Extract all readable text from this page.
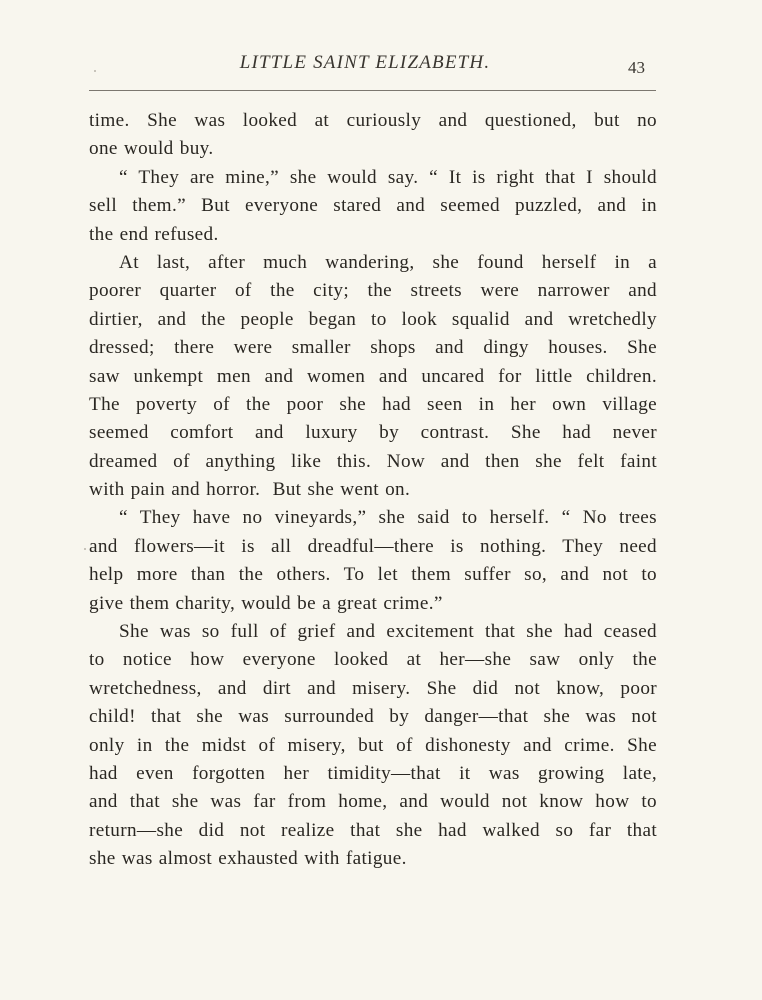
LITTLE SAINT ELIZABETH.	43
time. She was looked at curiously and questioned, but no
one would buy.
“ They are mine,” she would say. “ It is right that I should
sell them.” But everyone stared and seemed puzzled, and in
the end refused.
At last, after much wandering, she found herself in a
poorer quarter of the city; the streets were narrower and
dirtier, and the people began to look squalid and wretchedly
dressed; there were smaller shops and dingy houses. She
saw unkempt men and women and uncared for little children.
The poverty of the poor she had seen in her own village
seemed comfort and luxury by contrast. She had never
dreamed of anything like this. Now and then she felt faint
with pain and horror.  But she went on.
“ They have no vineyards,” she said to herself. “ No trees
and flowers—it is all dreadful—there is nothing. They need
help more than the others. To let them suffer so, and not to
give them charity, would be a great crime.”
She was so full of grief and excitement that she had ceased
to notice how everyone looked at her—she saw only the
wretchedness, and dirt and misery. She did not know, poor
child! that she was surrounded by danger—that she was not
only in the midst of misery, but of dishonesty and crime. She
had even forgotten her timidity—that it was growing late,
and that she was far from home, and would not know how to
return—she did not realize that she had walked so far that
she was almost exhausted with fatigue.
